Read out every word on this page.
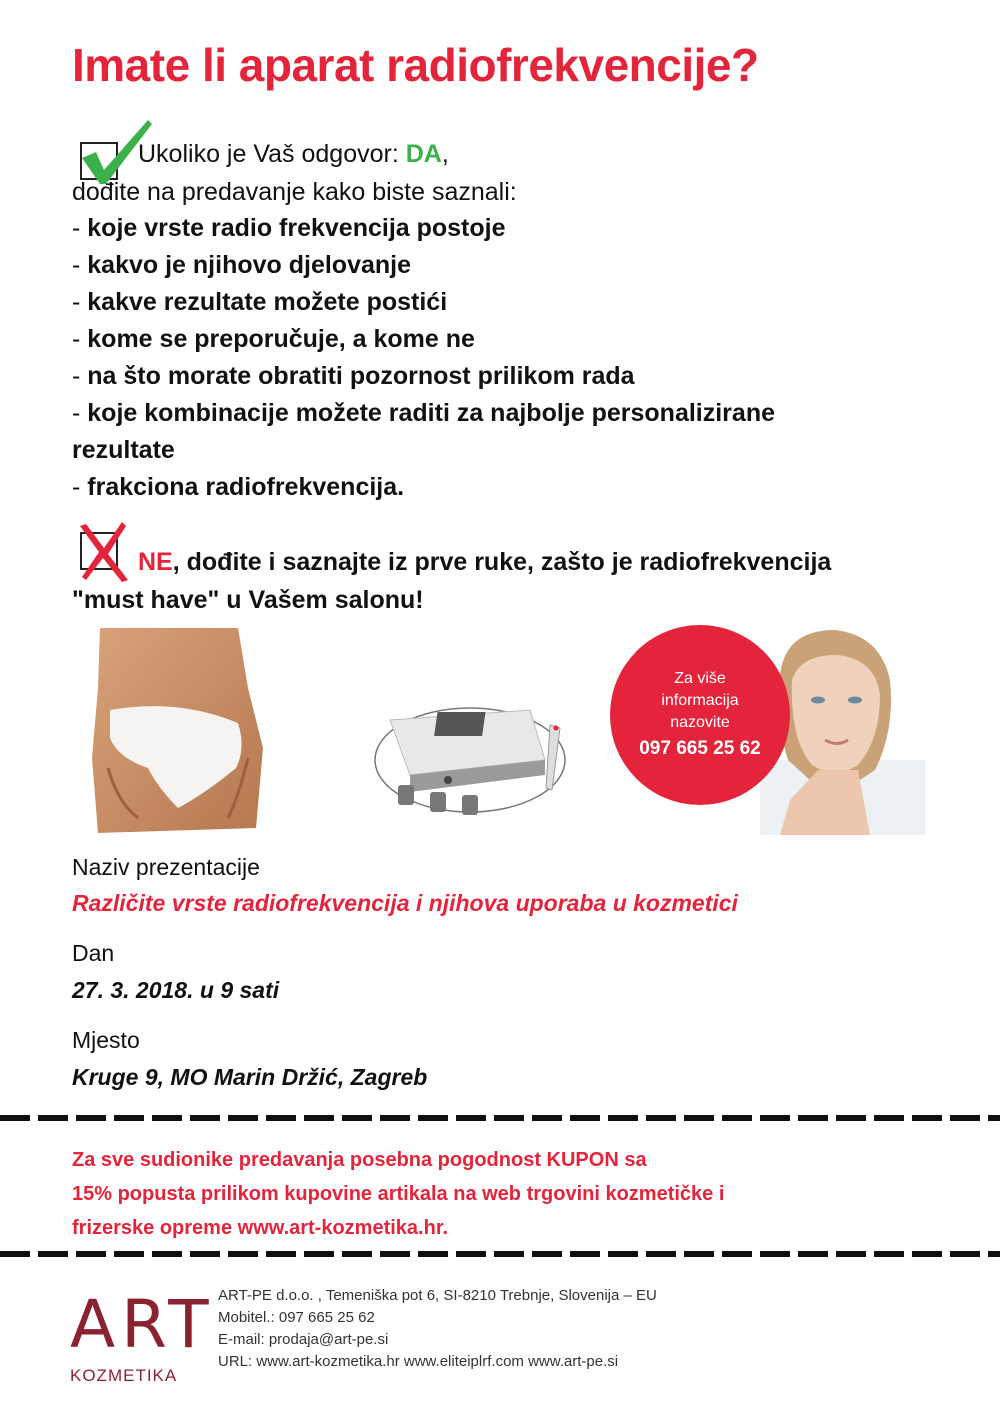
Imate li aparat radiofrekvencije?
Ukoliko je Vaš odgovor: DA,
dođite na predavanje kako biste saznali:
- koje vrste radio frekvencija postoje
- kakvo je njihovo djelovanje
- kakve rezultate možete postići
- kome se preporučuje, a kome ne
- na što morate obratiti pozornost prilikom rada
- koje kombinacije možete raditi za najbolje personalizirane
rezultate
- frakciona radiofrekvencija.
NE, dođite i saznajte iz prve ruke, zašto je radiofrekvencija
"must have" u Vašem salonu!
Za više
informacija
nazovite
097 665 25 62
Naziv prezentacije
Različite vrste radiofrekvencija i njihova uporaba u kozmetici
Dan
27. 3. 2018. u 9 sati
Mjesto
Kruge 9, MO Marin Držić, Zagreb
Za sve sudionike predavanja posebna pogodnost KUPON sa
15% popusta prilikom kupovine artikala na web trgovini kozmetičke i
frizerske opreme www.art-kozmetika.hr.
ART
KOZMETIKA
ART-PE d.o.o. , Temeniška pot 6, SI-8210 Trebnje, Slovenija – EU
Mobitel.: 097 665 25 62
E-mail: prodaja@art-pe.si
URL: www.art-kozmetika.hr www.eliteiplrf.com www.art-pe.si
